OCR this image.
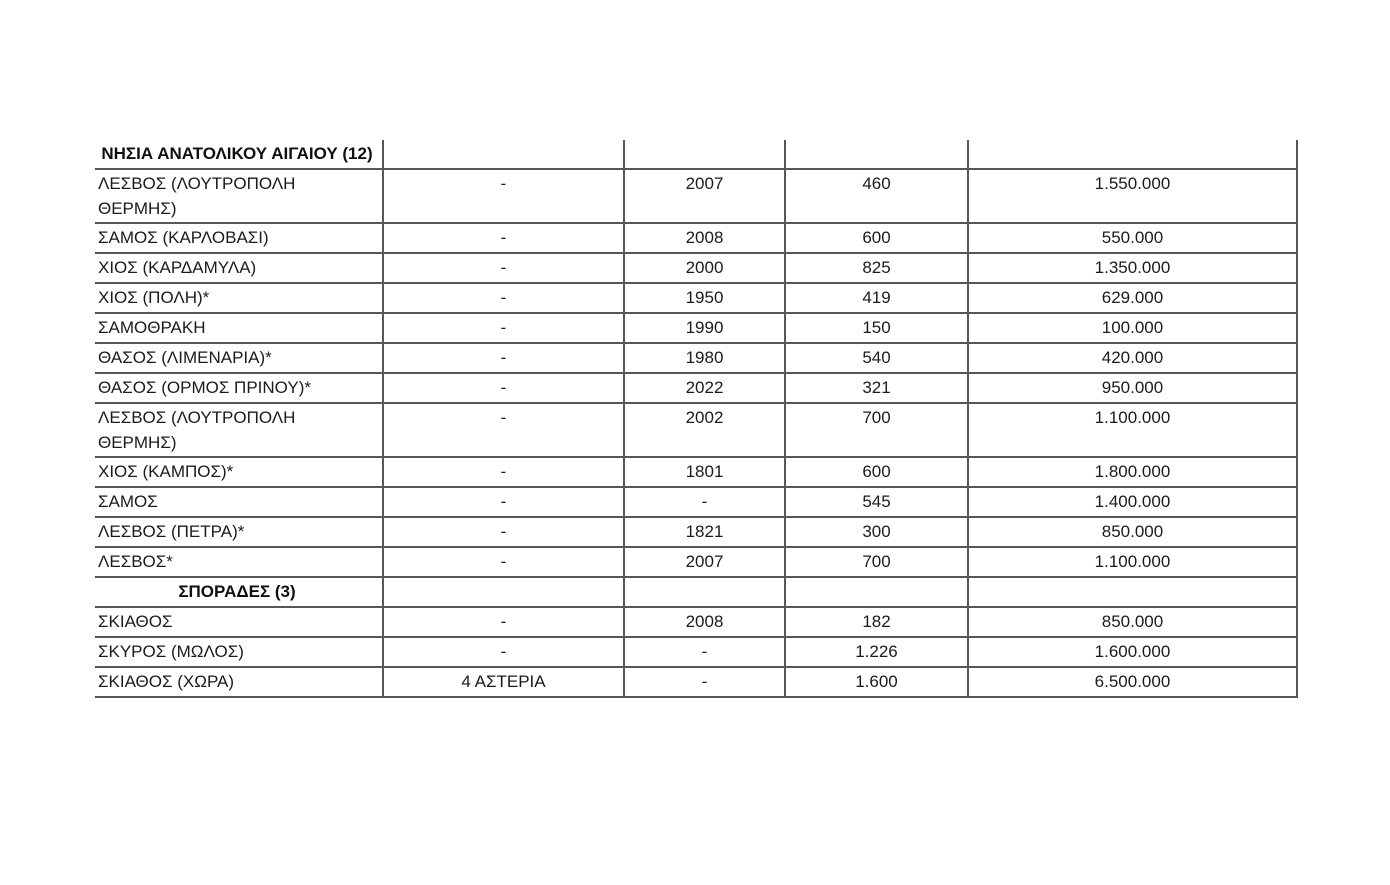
ΝΗΣΙΑ ΑΝΑΤΟΛΙΚΟΥ ΑΙΓΑΙΟΥ (12)				
ΛΕΣΒΟΣ (ΛΟΥΤΡΟΠΟΛΗ ΘΕΡΜΗΣ)	-	2007	460	1.550.000
ΣΑΜΟΣ (ΚΑΡΛΟΒΑΣΙ)	-	2008	600	550.000
ΧΙΟΣ (ΚΑΡΔΑΜΥΛΑ)	-	2000	825	1.350.000
ΧΙΟΣ (ΠΟΛΗ)*	-	1950	419	629.000
ΣΑΜΟΘΡΑΚΗ	-	1990	150	100.000
ΘΑΣΟΣ (ΛΙΜΕΝΑΡΙΑ)*	-	1980	540	420.000
ΘΑΣΟΣ (ΟΡΜΟΣ ΠΡΙΝΟΥ)*	-	2022	321	950.000
ΛΕΣΒΟΣ (ΛΟΥΤΡΟΠΟΛΗ ΘΕΡΜΗΣ)	-	2002	700	1.100.000
ΧΙΟΣ (ΚΑΜΠΟΣ)*	-	1801	600	1.800.000
ΣΑΜΟΣ	-	-	545	1.400.000
ΛΕΣΒΟΣ (ΠΕΤΡΑ)*	-	1821	300	850.000
ΛΕΣΒΟΣ*	-	2007	700	1.100.000
ΣΠΟΡΑΔΕΣ (3)				
ΣΚΙΑΘΟΣ	-	2008	182	850.000
ΣΚΥΡΟΣ (ΜΩΛΟΣ)	-	-	1.226	1.600.000
ΣΚΙΑΘΟΣ (ΧΩΡΑ)	4 ΑΣΤΕΡΙΑ	-	1.600	6.500.000
